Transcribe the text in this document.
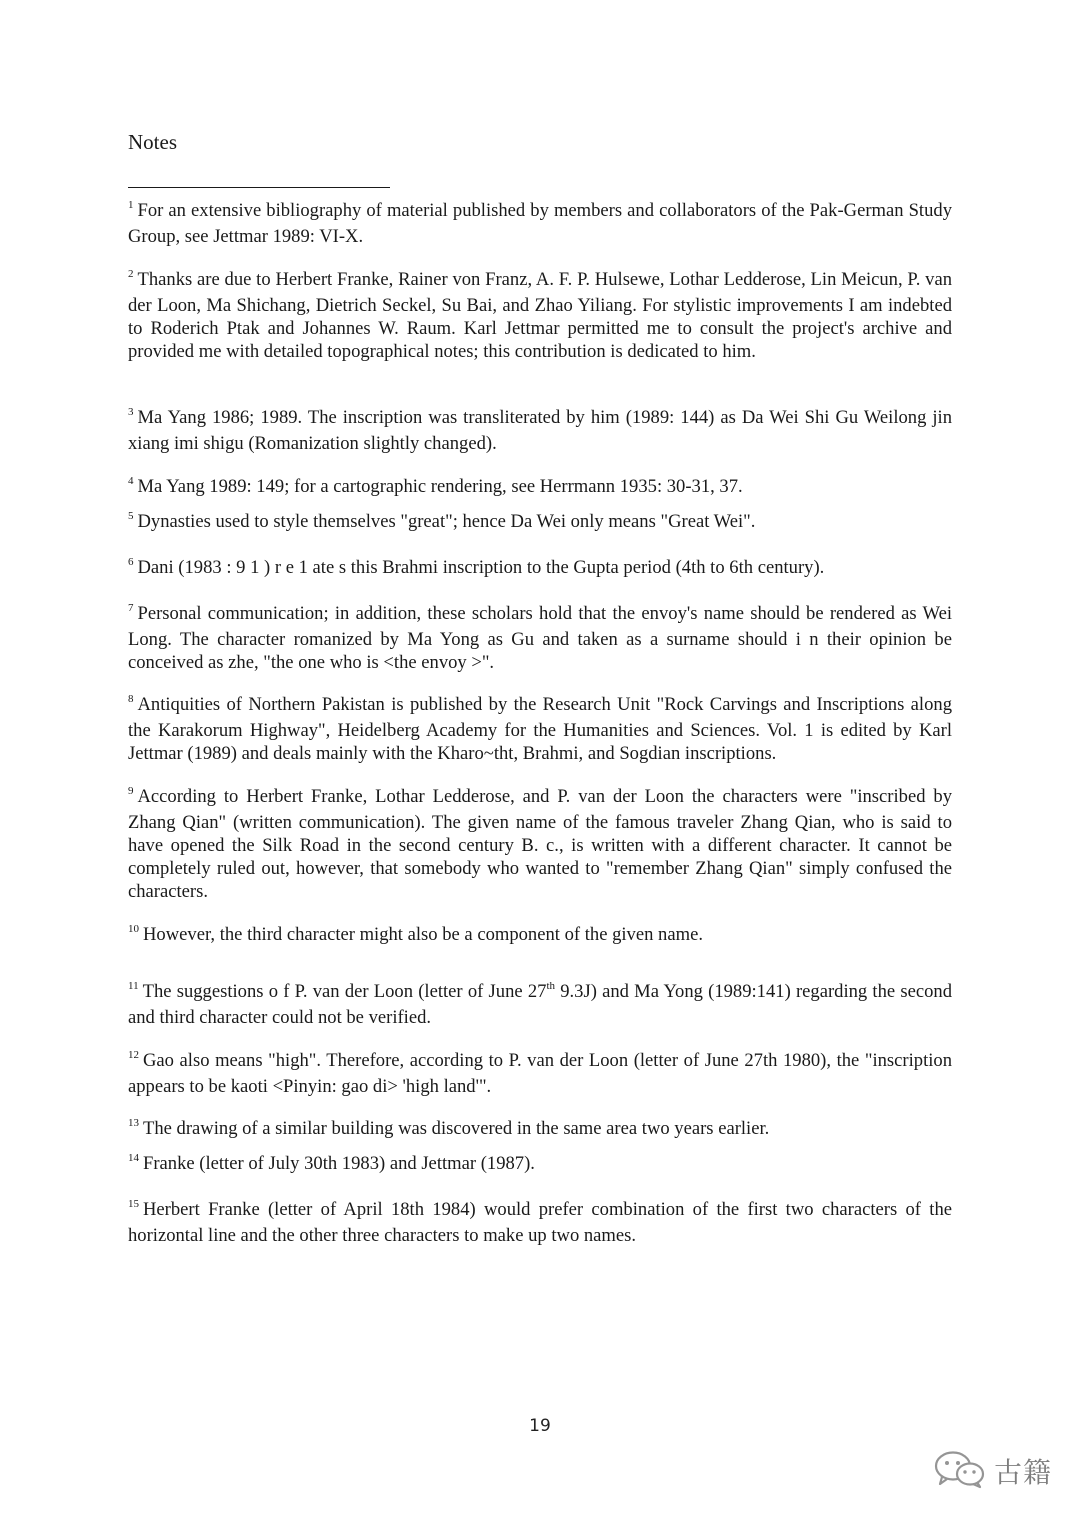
Notes
$^1$ For an extensive bibliography of material published by members and collaborators of the Pak-German Study Group, see Jettmar 1989: VI-X.
$^2$ Thanks are due to Herbert Franke, Rainer von Franz, A. F. P. Hulsewe, Lothar Ledderose, Lin Meicun, P. van der Loon, Ma Shichang, Dietrich Seckel, Su Bai, and Zhao Yiliang. For stylistic improvements I am indebted to Roderich Ptak and Johannes W. Raum. Karl Jettmar permitted me to consult the project's archive and provided me with detailed topographical notes; this contribution is dedicated to him.
$^3$ Ma Yang 1986; 1989. The inscription was transliterated by him (1989: 144) as Da Wei Shi Gu Weilong jin xiang imi shigu (Romanization slightly changed).
$^4$ Ma Yang 1989: 149; for a cartographic rendering, see Herrmann 1935: 30-31, 37.
$^5$ Dynasties used to style themselves "great"; hence Da Wei only means "Great Wei".
$^6$ Dani (1983 : 9 1 ) r e 1 ate s this Brahmi inscription to the Gupta period (4th to 6th century).
$^7$ Personal communication; in addition, these scholars hold that the envoy's name should be rendered as Wei Long. The character romanized by Ma Yong as Gu and taken as a surname should i n their opinion be conceived as zhe, "the one who is <the envoy >".
$^8$ Antiquities of Northern Pakistan is published by the Research Unit "Rock Carvings and Inscriptions along the Karakorum Highway", Heidelberg Academy for the Humanities and Sciences. Vol. 1 is edited by Karl Jettmar (1989) and deals mainly with the Kharo~tht, Brahmi, and Sogdian inscriptions.
$^9$ According to Herbert Franke, Lothar Ledderose, and P. van der Loon the characters were "inscribed by Zhang Qian" (written communication). The given name of the famous traveler Zhang Qian, who is said to have opened the Silk Road in the second century B. c., is written with a different character. It cannot be completely ruled out, however, that somebody who wanted to "remember Zhang Qian" simply confused the characters.
$^{10}$ However, the third character might also be a component of the given name.
$^{11}$ The suggestions o f P. van der Loon (letter of June 27th 9.3J) and Ma Yong (1989:141) regarding the second and third character could not be verified.
$^{12}$ Gao also means "high". Therefore, according to P. van der Loon (letter of June 27th 1980), the "inscription appears to be kaoti <Pinyin: gao di> 'high land'".
$^{13}$ The drawing of a similar building was discovered in the same area two years earlier.
$^{14}$ Franke (letter of July 30th 1983) and Jettmar (1987).
$^{15}$ Herbert Franke (letter of April 18th 1984) would prefer combination of the first two characters of the horizontal line and the other three characters to make up two names.
19
古籍
